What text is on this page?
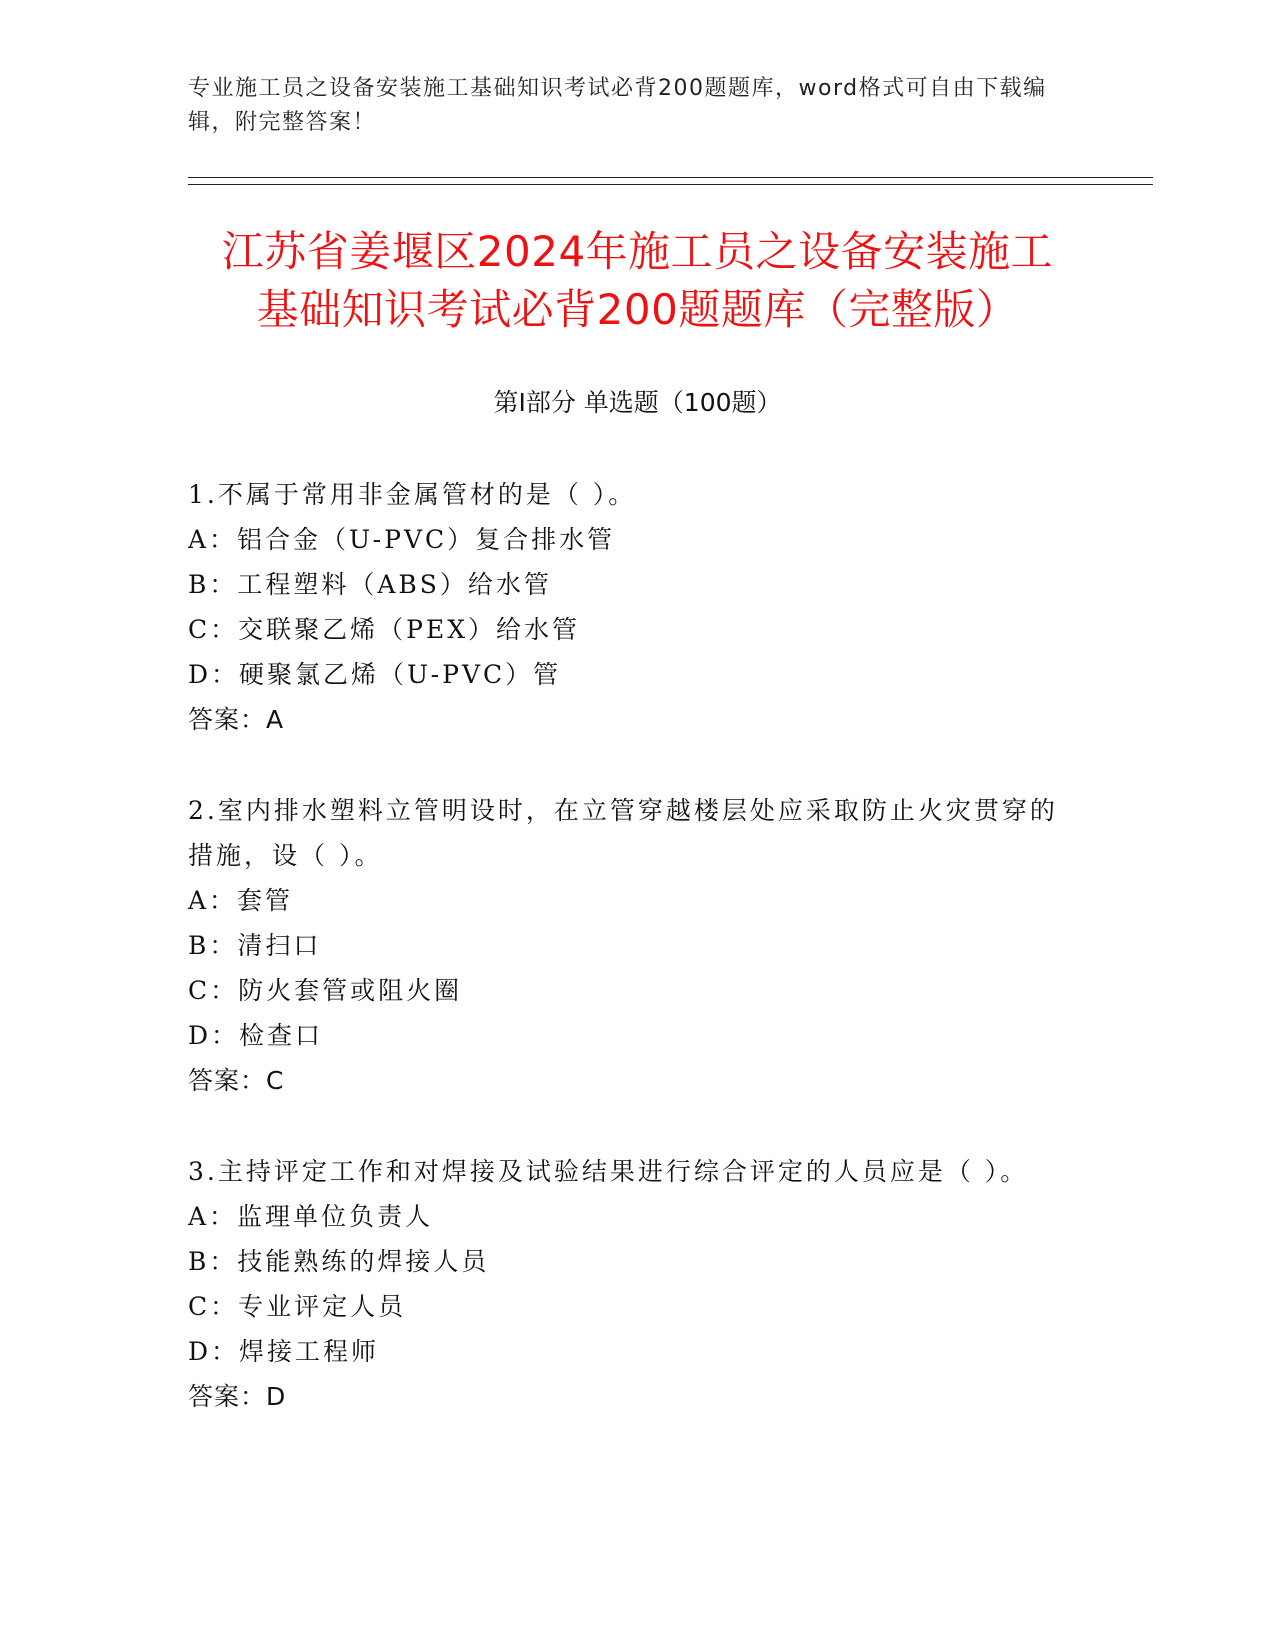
专业施工员之设备安装施工基础知识考试必背200题题库，word格式可自由下载编辑，附完整答案！
江苏省姜堰区2024年施工员之设备安装施工
基础知识考试必背200题题库（完整版）
第Ⅰ部分 单选题（100题）
1.不属于常用非金属管材的是（ ）。
A：铝合金（U-PVC）复合排水管
B：工程塑料（ABS）给水管
C：交联聚乙烯（PEX）给水管
D：硬聚氯乙烯（U-PVC）管
答案：A
2.室内排水塑料立管明设时，在立管穿越楼层处应采取防止火灾贯穿的措施，设（ ）。
A：套管
B：清扫口
C：防火套管或阻火圈
D：检查口
答案：C
3.主持评定工作和对焊接及试验结果进行综合评定的人员应是（ ）。
A：监理单位负责人
B：技能熟练的焊接人员
C：专业评定人员
D：焊接工程师
答案：D
